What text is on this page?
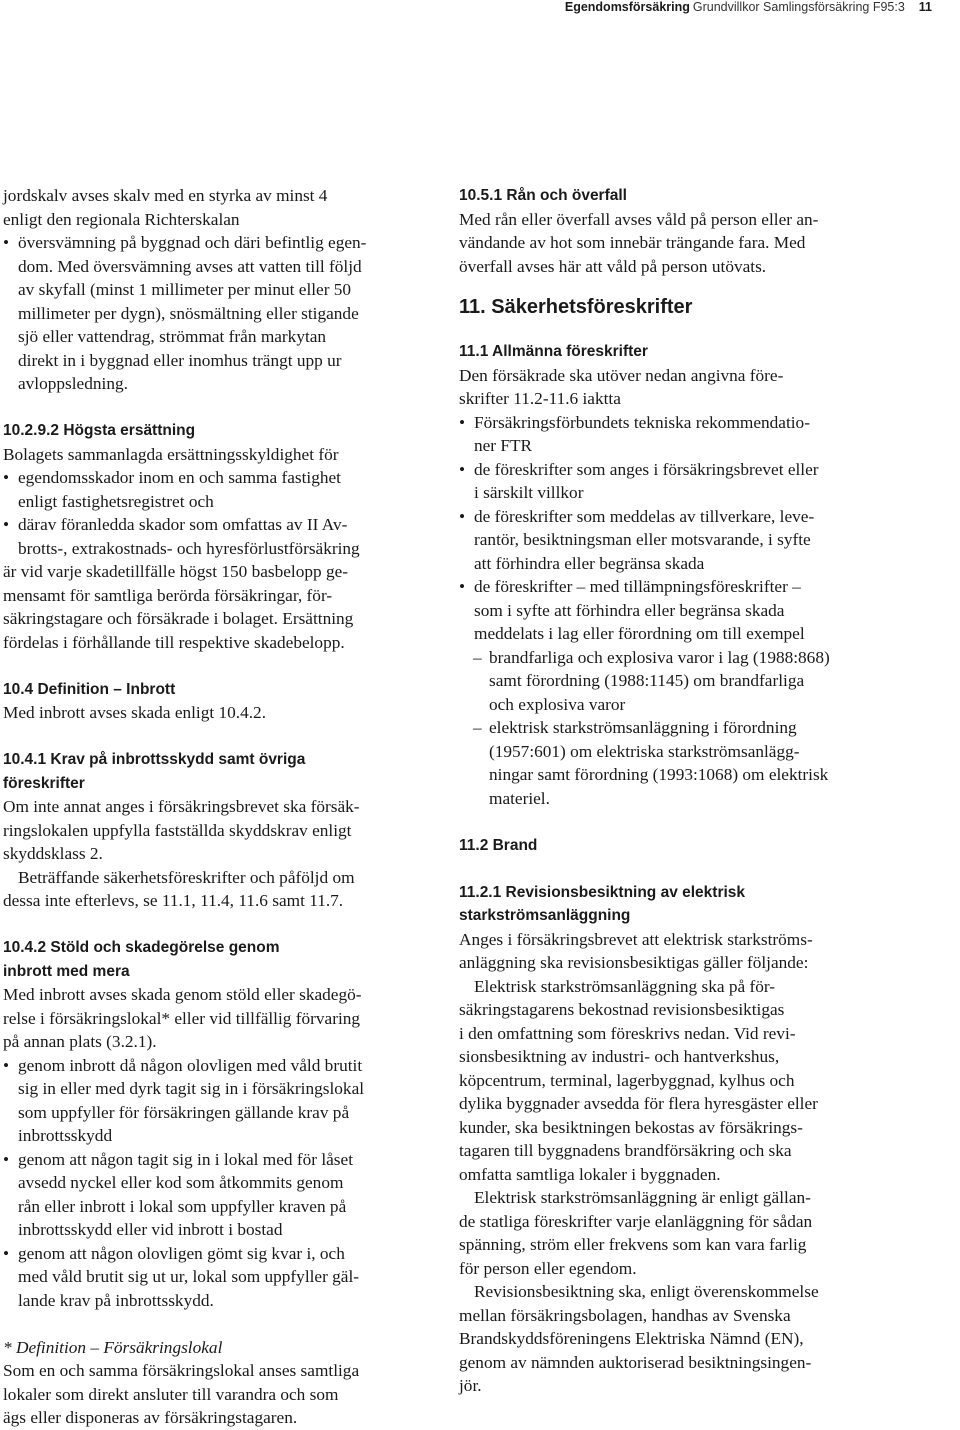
Egendomsförsäkring Grundvillkor Samlingsförsäkring F95:3 11

jordskalv avses skalv med en styrka av minst 4
enligt den regionala Richterskalan

• översvämning på byggnad och däri befintlig egen-
dom. Med översvämning avses att vatten till följd
av skyfall (minst 1 millimeter per minut eller 50
millimeter per dygn), snösmältning eller stigande
sjö eller vattendrag, strömmat från markytan
direkt in i byggnad eller inomhus trängt upp ur
avloppsledning.
10.2.9.2 Högsta ersättning

Bolagets sammanlagda ersättningsskyldighet för

• egendomsskador inom en och samma fastighet
enligt fastighetsregistret och
• därav föranledda skador som omfattas av II Av-
brotts-, extrakostnads- och hyresförlustförsäkring

är vid varje skadetillfälle högst 150 basbelopp ge-
mensamt för samtliga berörda försäkringar, för-
säkringstagare och försäkrade i bolaget. Ersättning
fördelas i förhållande till respektive skadebelopp.

10.4 Definition – Inbrott

Med inbrott avses skada enligt 10.4.2.

10.4.1 Krav på inbrottsskydd samt övriga
föreskrifter

Om inte annat anges i försäkringsbrevet ska försäk-
ringslokalen uppfylla fastställda skyddskrav enligt
skyddsklass 2.

Beträffande säkerhetsföreskrifter och påföljd om
dessa inte efterlevs, se 11.1, 11.4, 11.6 samt 11.7.

10.4.2 Stöld och skadegörelse genom
inbrott med mera

Med inbrott avses skada genom stöld eller skadegö-
relse i försäkringslokal* eller vid tillfällig förvaring
på annan plats (3.2.1).

• genom inbrott då någon olovligen med våld brutit
sig in eller med dyrk tagit sig in i försäkringslokal
som uppfyller för försäkringen gällande krav på
inbrottsskydd
• genom att någon tagit sig in i lokal med för låset
avsedd nyckel eller kod som åtkommits genom
rån eller inbrott i lokal som uppfyller kraven på
inbrottsskydd eller vid inbrott i bostad
• genom att någon olovligen gömt sig kvar i, och
med våld brutit sig ut ur, lokal som uppfyller gäl-
lande krav på inbrottsskydd.
* Definition – Försäkringslokal

Som en och samma försäkringslokal anses samtliga
lokaler som direkt ansluter till varandra och som
ägs eller disponeras av försäkringstagaren.

10.5.1 Rån och överfall

Med rån eller överfall avses våld på person eller an-
vändande av hot som innebär trängande fara. Med
överfall avses här att våld på person utövats.

11. Säkerhetsföreskrifter
11.1 Allmänna föreskrifter

Den försäkrade ska utöver nedan angivna före-
skrifter 11.2-11.6 iaktta

• Försäkringsförbundets tekniska rekommendatio-
ner FTR
• de föreskrifter som anges i försäkringsbrevet eller
i särskilt villkor
• de föreskrifter som meddelas av tillverkare, leve-
rantör, besiktningsman eller motsvarande, i syfte
att förhindra eller begränsa skada
• de föreskrifter – med tillämpningsföreskrifter –
som i syfte att förhindra eller begränsa skada
meddelats i lag eller förordning om till exempel
– brandfarliga och explosiva varor i lag (1988:868)
samt förordning (1988:1145) om brandfarliga
och explosiva varor
– elektrisk starkströmsanläggning i förordning
(1957:601) om elektriska starkströmsanlägg-
ningar samt förordning (1993:1068) om elektrisk
materiel.
11.2 Brand
11.2.1 Revisionsbesiktning av elektrisk
starkströmsanläggning

Anges i försäkringsbrevet att elektrisk starkströms-
anläggning ska revisionsbesiktigas gäller följande:

Elektrisk starkströmsanläggning ska på för-
säkringstagarens bekostnad revisionsbesiktigas
i den omfattning som föreskrivs nedan. Vid revi-
sionsbesiktning av industri- och hantverkshus,
köpcentrum, terminal, lagerbyggnad, kylhus och
dylika byggnader avsedda för flera hyresgäster eller
kunder, ska besiktningen bekostas av försäkrings-
tagaren till byggnadens brandförsäkring och ska
omfatta samtliga lokaler i byggnaden.

Elektrisk starkströmsanläggning är enligt gällan-
de statliga föreskrifter varje elanläggning för sådan
spänning, ström eller frekvens som kan vara farlig
för person eller egendom.

Revisionsbesiktning ska, enligt överenskommelse
mellan försäkringsbolagen, handhas av Svenska
Brandskyddsföreningens Elektriska Nämnd (EN),
genom av nämnden auktoriserad besiktningsingen-
jör.
